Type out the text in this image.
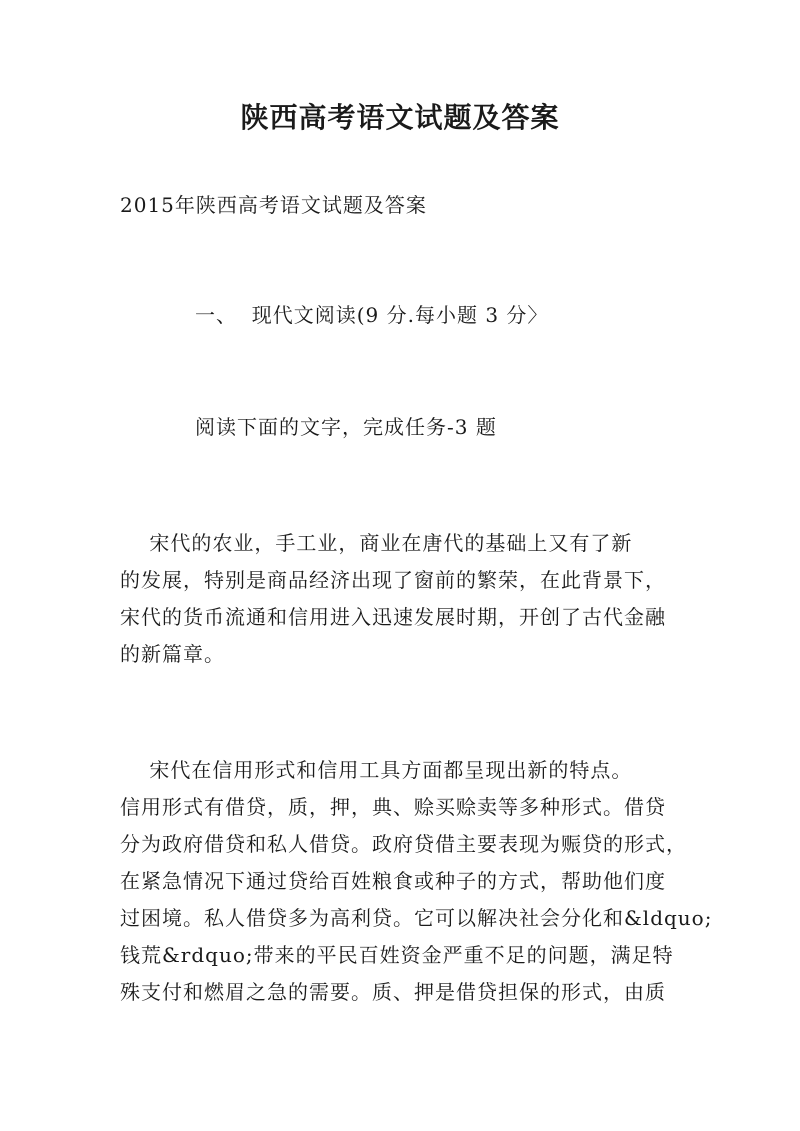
陕西高考语文试题及答案
2015年陕西高考语文试题及答案
一、  现代文阅读(9 分.每小题 3 分〉
阅读下面的文字，完成任务-3 题
宋代的农业，手工业，商业在唐代的基础上又有了新
的发展，特别是商品经济出现了窗前的繁荣，在此背景下，
宋代的货币流通和信用进入迅速发展时期，开创了古代金融
的新篇章。
宋代在信用形式和信用工具方面都呈现出新的特点。
信用形式有借贷，质，押，典、赊买赊卖等多种形式。借贷
分为政府借贷和私人借贷。政府贷借主要表现为赈贷的形式，
在紧急情况下通过贷给百姓粮食或种子的方式，帮助他们度
过困境。私人借贷多为高利贷。它可以解决社会分化和&ldquo;
钱荒&rdquo;带来的平民百姓资金严重不足的问题，满足特
殊支付和燃眉之急的需要。质、押是借贷担保的形式，由质
